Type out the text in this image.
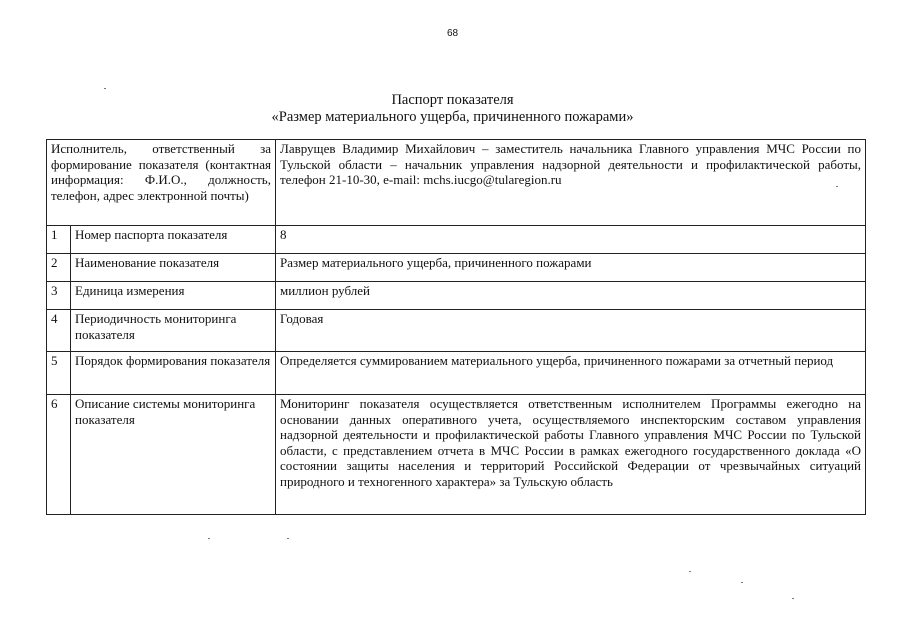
68
Паспорт показателя
«Размер материального ущерба, причиненного пожарами»
Исполнитель, ответственный за формирование показателя (контактная информация: Ф.И.О., должность, телефон, адрес электронной почты)		Лаврущев Владимир Михайлович – заместитель начальника Главного управления МЧС России по Тульской области – начальник управления надзорной деятельности и профилактической работы, телефон 21-10-30, e-mail: mchs.iucgo@tularegion.ru
1	Номер паспорта показателя	8
2	Наименование показателя	Размер материального ущерба, причиненного пожарами
3	Единица измерения	миллион рублей
4	Периодичность мониторинга показателя	Годовая
5	Порядок формирования показателя	Определяется суммированием материального ущерба, причиненного пожарами за отчетный период
6	Описание системы мониторинга показателя	Мониторинг показателя осуществляется ответственным исполнителем Программы ежегодно на основании данных оперативного учета, осуществляемого инспекторским составом управления надзорной деятельности и профилактической работы Главного управления МЧС России по Тульской области, с представлением отчета в МЧС России в рамках ежегодного государственного доклада «О состоянии защиты населения и территорий Российской Федерации от чрезвычайных ситуаций природного и техногенного характера» за Тульскую область
